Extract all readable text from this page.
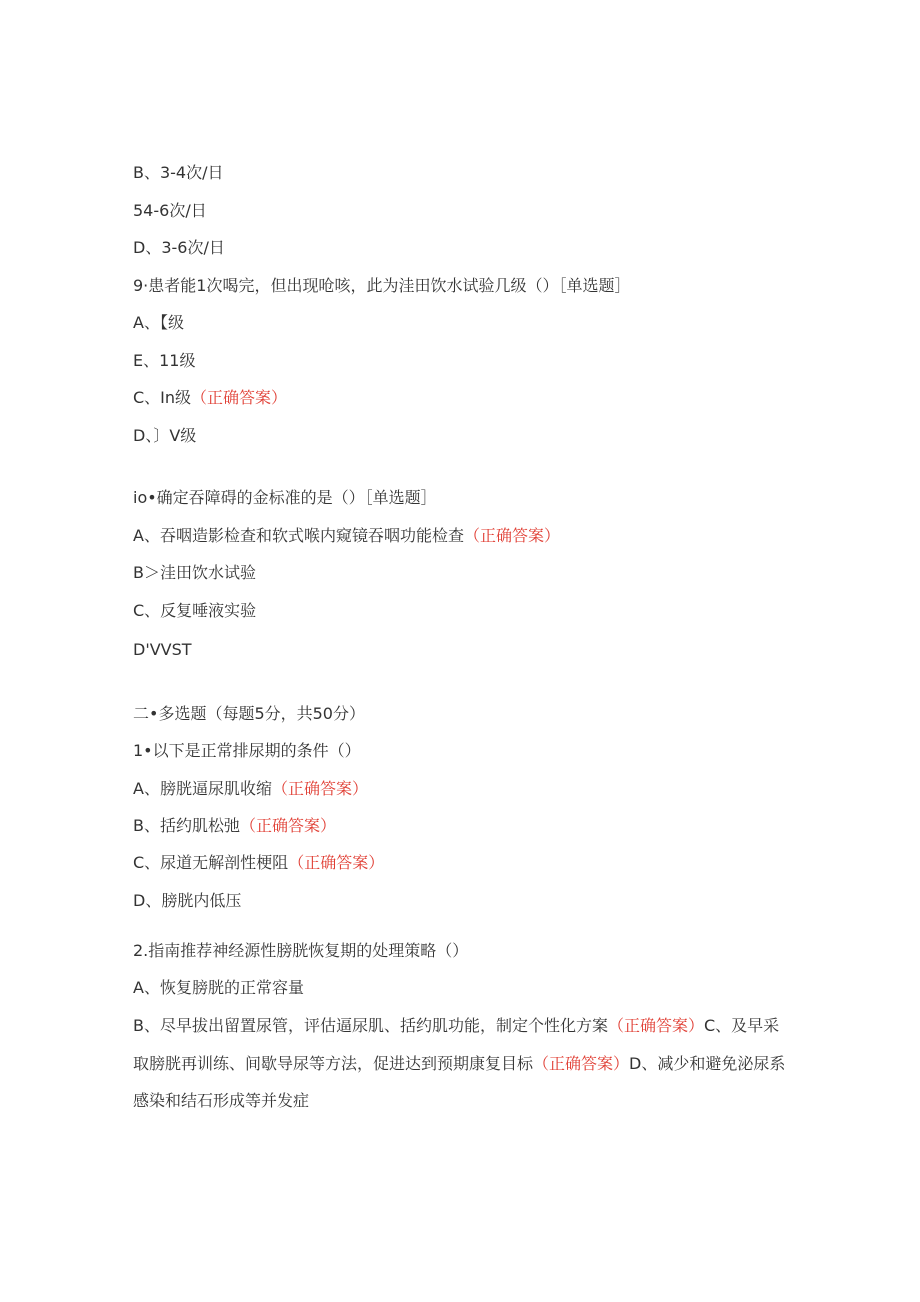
B、3-4次/日
54-6次/日
D、3-6次/日
9·患者能1次喝完，但出现呛咳，此为洼田饮水试验几级（）［单选题］
A、【级
E、11级
C、In级（正确答案）
D、〕V级
io•确定吞障碍的金标准的是（）［单选题］
A、吞咽造影检查和软式喉内窥镜吞咽功能检查（正确答案）
B＞洼田饮水试验
C、反复唾液实验
D'VVST
二•多选题（每题5分，共50分）
1•以下是正常排尿期的条件（）
A、膀胱逼尿肌收缩（正确答案）
B、括约肌松弛（正确答案）
C、尿道无解剖性梗阻（正确答案）
D、膀胱内低压
2.指南推荐神经源性膀胱恢复期的处理策略（）
A、恢复膀胱的正常容量
B、尽早拔出留置尿管，评估逼尿肌、括约肌功能，制定个性化方案（正确答案）C、及早采取膀胱再训练、间歇导尿等方法，促进达到预期康复目标（正确答案）D、减少和避免泌尿系感染和结石形成等并发症
